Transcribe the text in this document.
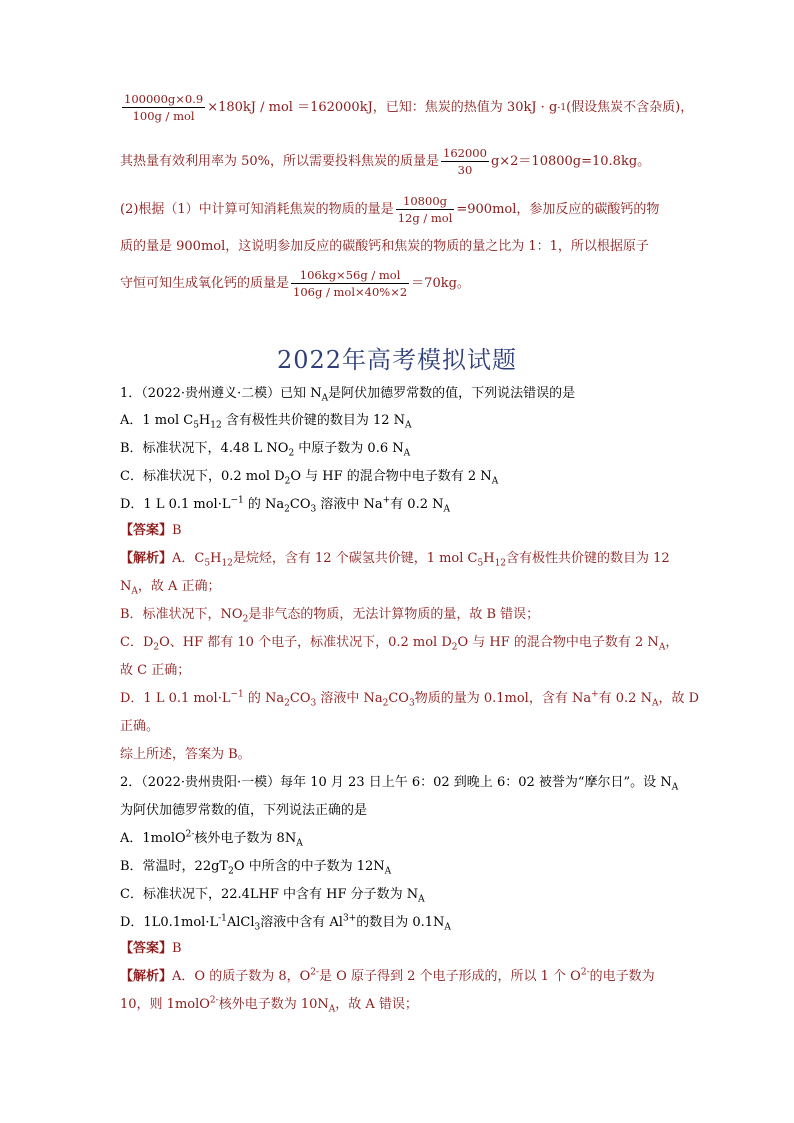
$\frac{100000g\times 0.9}{\text{100g / mol}} \times 180kJ$ / mol ＝162000kJ，已知：焦炭的热值为 30kJ · g-1(假设焦炭不含杂质)，
其热量有效利用率为 50%，所以需要投料焦炭的质量是 $\frac{162000}{30} g\times 2=10800g=10.8kg$。
(2)根据（1）中计算可知消耗焦炭的物质的量是 $\frac{10800g}{\text{12g / mol}} =900mol$，参加反应的碳酸钙的物
质的量是 900mol，这说明参加反应的碳酸钙和焦炭的物质的量之比为 1：1，所以根据原子
守恒可知生成氧化钙的质量是 $\frac{\text{106kg×56g / mol}}{\text{106g / mol×40\%×2}} =70kg$。
2022年高考模拟试题
1．（2022·贵州遵义·二模）已知 $N_A$是阿伏加德罗常数的值，下列说法错误的是
A．1 mol $C_5H_{12}$ 含有极性共价键的数目为 12 $N_A$
B．标准状况下，4.48 L $NO_2$ 中原子数为 0.6 $N_A$
C．标准状况下，0.2 mol $D_2O$ 与 HF 的混合物中电子数有 2 $N_A$
D．1 L 0.1 $mol\cdot L^{-1}$ 的 $Na_2CO_3$ 溶液中 Na+有 0.2 $N_A$
【答案】B
【解析】A．$C_5H_{12}$是烷烃，含有 12 个碳氢共价键，1 mol $C_5H_{12}$含有极性共价键的数目为 12
$N_A$，故 A 正确；
B．标准状况下，$NO_2$是非气态的物质，无法计算物质的量，故 B 错误；
C．$D_2O$、HF 都有 10 个电子，标准状况下，0.2 mol $D_2O$ 与 HF 的混合物中电子数有 2 $N_A$，
故 C 正确；
D．1 L 0.1 $mol\cdot L^{-1}$ 的 $Na_2CO_3$ 溶液中 $Na_2CO_3$物质的量为 0.1mol，含有 Na+有 0.2 $N_A$，故 D
正确。
综上所述，答案为 B。
2．（2022·贵州贵阳·一模）每年 10 月 23 日上午 6：02 到晚上 6：02 被誉为“摩尔日”。设 $N_A$
为阿伏加德罗常数的值，下列说法正确的是
A．1molO$^{2-}$核外电子数为 $8N_A$
B．常温时，$22gT_2O$ 中所含的中子数为 $12N_A$
C．标准状况下，22.4LHF 中含有 HF 分子数为 $N_A$
D．$1L0.1mol\cdot L^{-1}AlCl_3$溶液中含有 $Al^{3+}$的数目为 $0.1N_A$
【答案】B
【解析】A．O 的质子数为 8，$O^{2-}$是 O 原子得到 2 个电子形成的，所以 1 个 $O^{2-}$的电子数为
10，则 1molO$^{2-}$核外电子数为 $10N_A$，故 A 错误；
